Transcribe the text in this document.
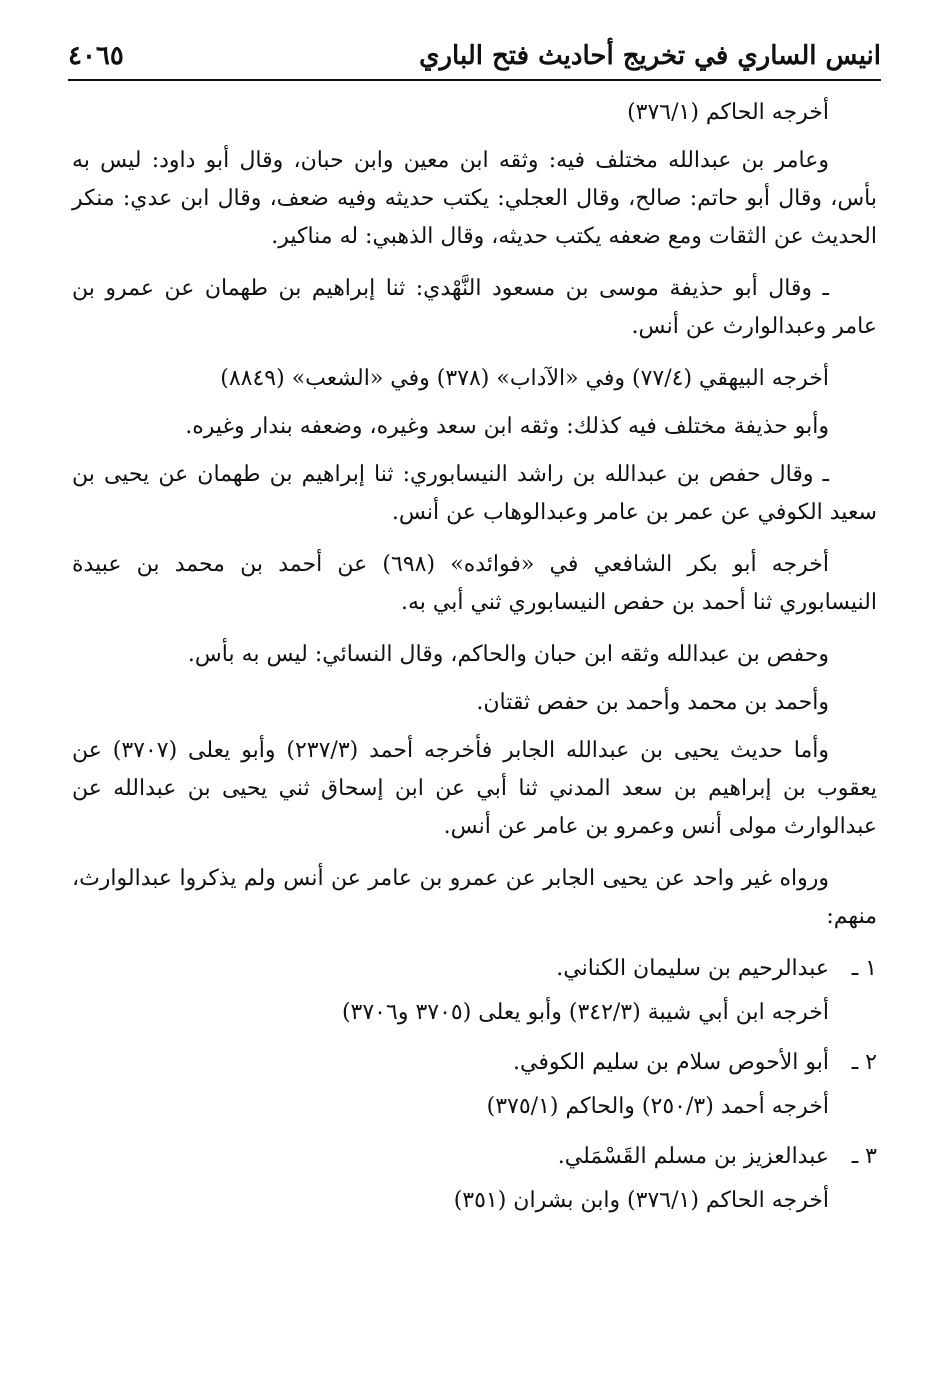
انيس الساري في تخريج أحاديث فتح الباري
٤٠٦٥

أخرجه الحاكم (٣٧٦/١)

وعامر بن عبدالله مختلف فيه: وثقه ابن معين وابن حبان، وقال أبو داود: ليس به بأس، وقال أبو حاتم: صالح، وقال العجلي: يكتب حديثه وفيه ضعف، وقال ابن عدي: منكر الحديث عن الثقات ومع ضعفه يكتب حديثه، وقال الذهبي: له مناكير.

ـ وقال أبو حذيفة موسى بن مسعود النَّهْدي: ثنا إبراهيم بن طهمان عن عمرو بن عامر وعبدالوارث عن أنس.

أخرجه البيهقي (٧٧/٤) وفي «الآداب» (٣٧٨) وفي «الشعب» (٨٨٤٩)

وأبو حذيفة مختلف فيه كذلك: وثقه ابن سعد وغيره، وضعفه بندار وغيره.

ـ وقال حفص بن عبدالله بن راشد النيسابوري: ثنا إبراهيم بن طهمان عن يحيى بن سعيد الكوفي عن عمر بن عامر وعبدالوهاب عن أنس.

أخرجه أبو بكر الشافعي في «فوائده» (٦٩٨) عن أحمد بن محمد بن عبيدة النيسابوري ثنا أحمد بن حفص النيسابوري ثني أبي به.

وحفص بن عبدالله وثقه ابن حبان والحاكم، وقال النسائي: ليس به بأس.

وأحمد بن محمد وأحمد بن حفص ثقتان.

وأما حديث يحيى بن عبدالله الجابر فأخرجه أحمد (٢٣٧/٣) وأبو يعلى (٣٧٠٧) عن يعقوب بن إبراهيم بن سعد المدني ثنا أبي عن ابن إسحاق ثني يحيى بن عبدالله عن عبدالوارث مولى أنس وعمرو بن عامر عن أنس.

ورواه غير واحد عن يحيى الجابر عن عمرو بن عامر عن أنس ولم يذكروا عبدالوارث، منهم:

١ ـ
عبدالرحيم بن سليمان الكناني.
أخرجه ابن أبي شيبة (٣٤٢/٣) وأبو يعلى (٣٧٠٥ و٣٧٠٦)
٢ ـ
أبو الأحوص سلام بن سليم الكوفي.
أخرجه أحمد (٢٥٠/٣) والحاكم (٣٧٥/١)
٣ ـ
عبدالعزيز بن مسلم القَسْمَلي.
أخرجه الحاكم (٣٧٦/١) وابن بشران (٣٥١)
